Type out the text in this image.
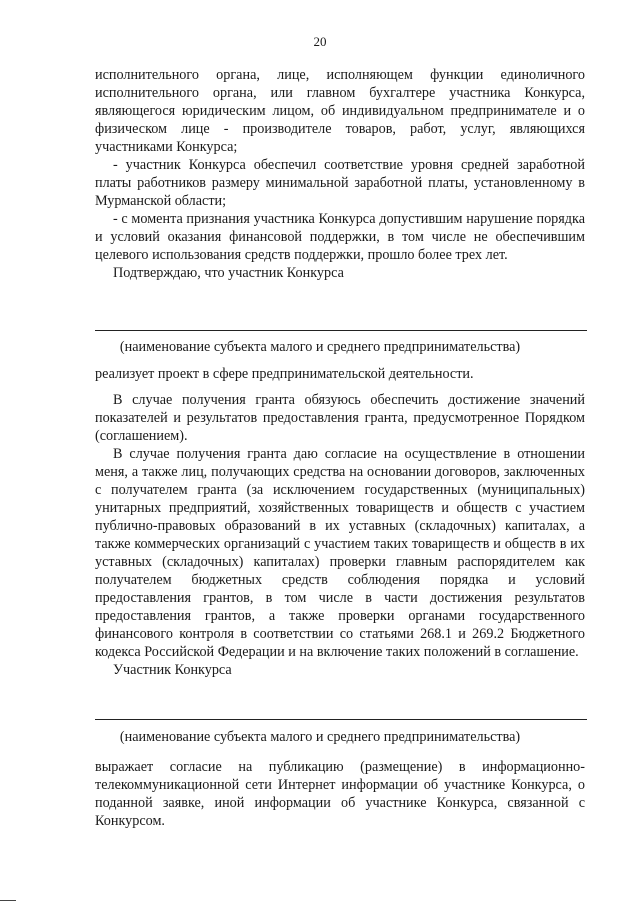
20

исполнительного органа, лице, исполняющем функции единоличного исполнительного органа, или главном бухгалтере участника Конкурса, являющегося юридическим лицом, об индивидуальном предпринимателе и о физическом лице - производителе товаров, работ, услуг, являющихся участниками Конкурса;

- участник Конкурса обеспечил соответствие уровня средней заработной платы работников размеру минимальной заработной платы, установленному в Мурманской области;

- с момента признания участника Конкурса допустившим нарушение порядка и условий оказания финансовой поддержки, в том числе не обеспечившим целевого использования средств поддержки, прошло более трех лет.

Подтверждаю, что участник Конкурса

(наименование субъекта малого и среднего предпринимательства)

реализует проект в сфере предпринимательской деятельности.

В случае получения гранта обязуюсь обеспечить достижение значений показателей и результатов предоставления гранта, предусмотренное Порядком (соглашением).

В случае получения гранта даю согласие на осуществление в отношении меня, а также лиц, получающих средства на основании договоров, заключенных с получателем гранта (за исключением государственных (муниципальных) унитарных предприятий, хозяйственных товариществ и обществ с участием публично-правовых образований в их уставных (складочных) капиталах, а также коммерческих организаций с участием таких товариществ и обществ в их уставных (складочных) капиталах) проверки главным распорядителем как получателем бюджетных средств соблюдения порядка и условий предоставления грантов, в том числе в части достижения результатов предоставления грантов, а также проверки органами государственного финансового контроля в соответствии со статьями 268.1 и 269.2 Бюджетного кодекса Российской Федерации и на включение таких положений в соглашение.

Участник Конкурса

(наименование субъекта малого и среднего предпринимательства)

выражает согласие на публикацию (размещение) в информационно-телекоммуникационной сети Интернет информации об участнике Конкурса, о поданной заявке, иной информации об участнике Конкурса, связанной с Конкурсом.
